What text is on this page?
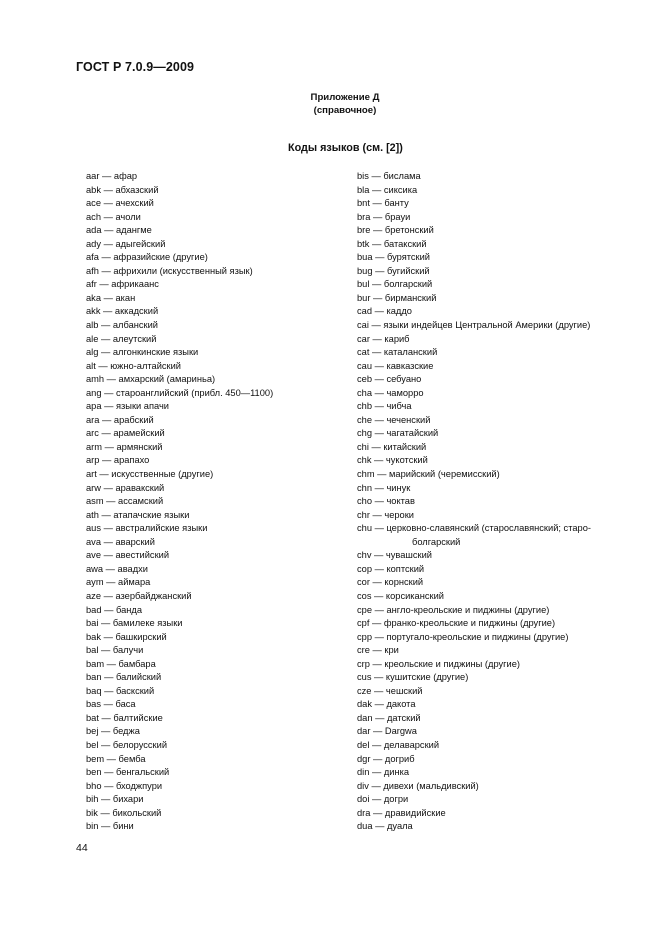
ГОСТ Р 7.0.9—2009
Приложение Д
(справочное)
Коды языков (см. [2])
aar — афар
abk — абхазский
ace — ачехский
ach — ачоли
ada — адангме
ady — адыгейский
afa — афразийские (другие)
afh — африхили (искусственный язык)
afr — африкаанс
aka — акан
akk — аккадский
alb — албанский
ale — алеутский
alg — алгонкинские языки
alt — южно-алтайский
amh — амхарский (амариньа)
ang — староанглийский (прибл. 450—1100)
apa — языки апачи
ara — арабский
arc — арамейский
arm — армянский
arp — арапахо
art — искусственные (другие)
arw — аравакский
asm — ассамский
ath — атапачские языки
aus — австралийские языки
ava — аварский
ave — авестийский
awa — авадхи
aym — аймара
aze — азербайджанский
bad — банда
bai — бамилеке языки
bak — башкирский
bal — балучи
bam — бамбара
ban — балийский
baq — баскский
bas — баса
bat — балтийские
bej — беджа
bel — белорусский
bem — бемба
ben — бенгальский
bho — бходжпури
bih — бихари
bik — бикольский
bin — бини
bis — бислама
bla — сиксика
bnt — банту
bra — брауи
bre — бретонский
btk — батакский
bua — бурятский
bug — бугийский
bul — болгарский
bur — бирманский
cad — каддо
cai — языки индейцев Центральной Америки (другие)
car — кариб
cat — каталанский
cau — кавказские
ceb — себуано
cha — чаморро
chb — чибча
che — чеченский
chg — чагатайский
chi — китайский
chk — чукотский
chm — марийский (черемисский)
chn — чинук
cho — чоктав
chr — чероки
chu — церковно-славянский (старославянский; старо-
болгарский
chv — чувашский
cop — коптский
cor — корнский
cos — корсиканский
cpe — англо-креольские и пиджины (другие)
cpf — франко-креольские и пиджины (другие)
cpp — португало-креольские и пиджины (другие)
cre — кри
crp — креольские и пиджины (другие)
cus — кушитские (другие)
cze — чешский
dak — дакота
dan — датский
dar — Dargwa
del — делаварский
dgr — догриб
din — динка
div — дивехи (мальдивский)
doi — догри
dra — дравидийские
dua — дуала
44
